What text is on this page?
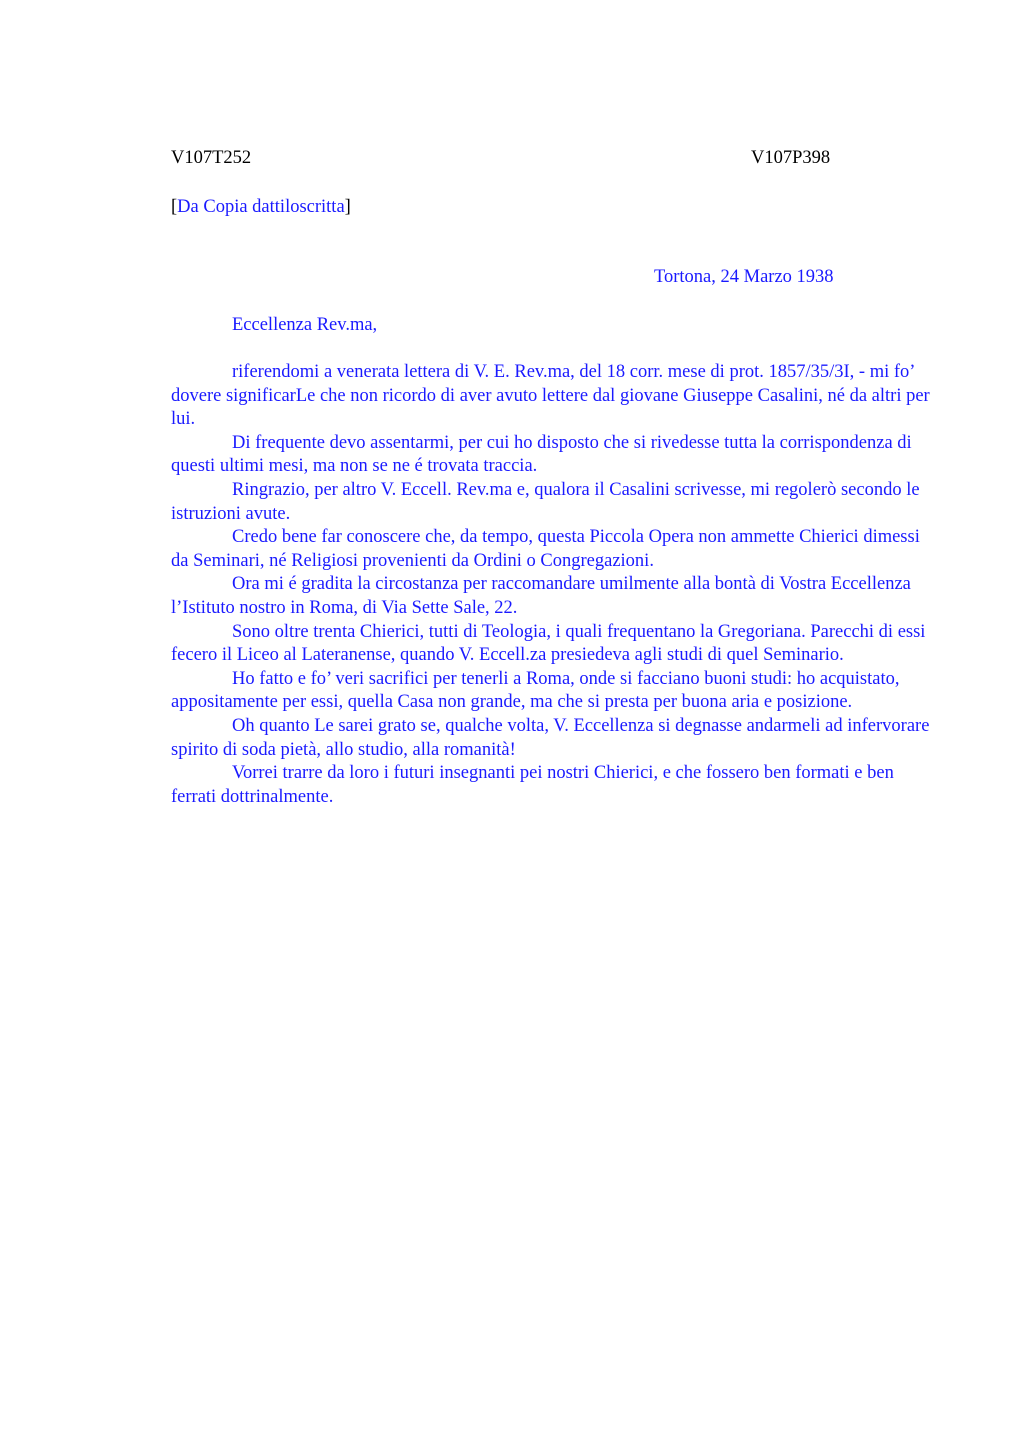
V107T252	V107P398
[Da Copia dattiloscritta]
Tortona, 24 Marzo 1938
Eccellenza Rev.ma,

riferendomi a venerata lettera di V. E. Rev.ma, del 18 corr. mese di prot. 1857/35/3I, - mi fo’ dovere significarLe che non ricordo di aver avuto lettere dal giovane Giuseppe Casalini, né da altri per lui.

Di frequente devo assentarmi, per cui ho disposto che si rivedesse tutta la corrispondenza di questi ultimi mesi, ma non se ne é trovata traccia.

Ringrazio, per altro V. Eccell. Rev.ma e, qualora il Casalini scrivesse, mi regolerò secondo le istruzioni avute.

Credo bene far conoscere che, da tempo, questa Piccola Opera non ammette Chierici dimessi da Seminari, né Religiosi provenienti da Ordini o Congregazioni.

Ora mi é gradita la circostanza per raccomandare umilmente alla bontà di Vostra Eccellenza l’Istituto nostro in Roma, di Via Sette Sale, 22.

Sono oltre trenta Chierici, tutti di Teologia, i quali frequentano la Gregoriana. Parecchi di essi fecero il Liceo al Lateranense, quando V. Eccell.za presiedeva agli studi di quel Seminario.

Ho fatto e fo’ veri sacrifici per tenerli a Roma, onde si facciano buoni studi: ho acquistato, appositamente per essi, quella Casa non grande, ma che si presta per buona aria e posizione.

Oh quanto Le sarei grato se, qualche volta, V. Eccellenza si degnasse andarmeli ad infervorare spirito di soda pietà, allo studio, alla romanità!

Vorrei trarre da loro i futuri insegnanti pei nostri Chierici, e che fossero ben formati e ben ferrati dottrinalmente.
